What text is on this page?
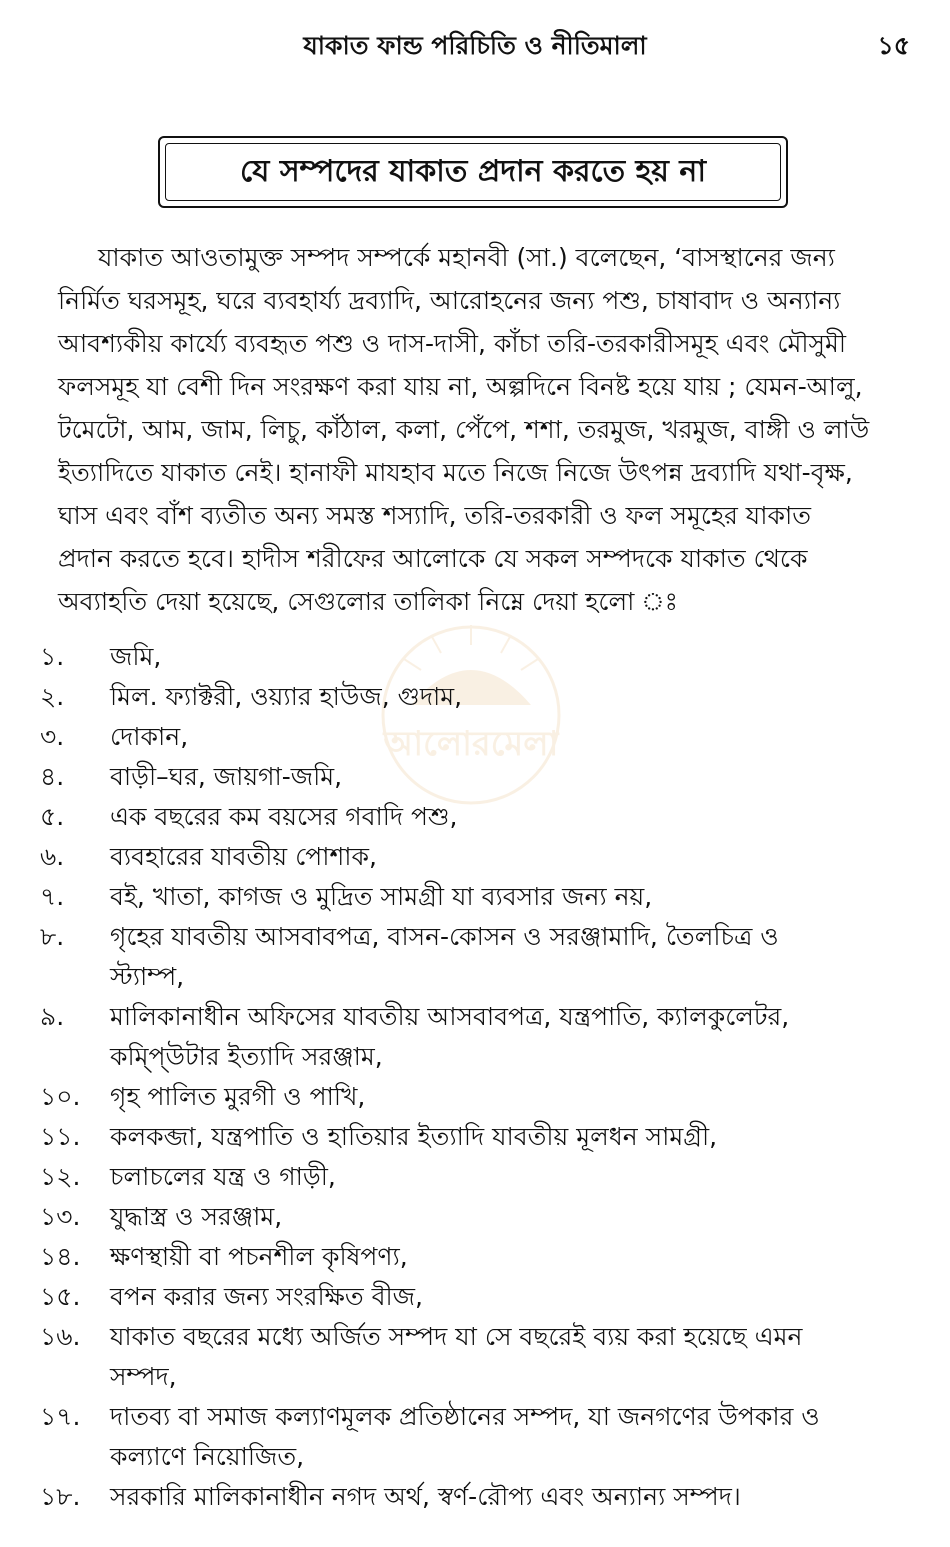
যাকাত ফান্ড পরিচিতি ও নীতিমালা	১৫
যে সম্পদের যাকাত প্রদান করতে হয় না
যাকাত আওতামুক্ত সম্পদ সম্পর্কে মহানবী (সা.) বলেছেন, ‘বাসস্থানের জন্য
নির্মিত ঘরসমূহ, ঘরে ব্যবহার্য্য দ্রব্যাদি, আরোহনের জন্য পশু, চাষাবাদ ও অন্যান্য
আবশ্যকীয় কার্য্যে ব্যবহৃত পশু ও দাস-দাসী, কাঁচা তরি-তরকারীসমূহ এবং মৌসুমী
ফলসমূহ যা বেশী দিন সংরক্ষণ করা যায় না, অল্পদিনে বিনষ্ট হয়ে যায় ; যেমন-আলু,
টমেটো, আম, জাম, লিচু, কাঁঠাল, কলা, পেঁপে, শশা, তরমুজ, খরমুজ, বাঙ্গী ও লাউ
ইত্যাদিতে যাকাত নেই। হানাফী মাযহাব মতে নিজে নিজে উৎপন্ন দ্রব্যাদি যথা-বৃক্ষ,
ঘাস এবং বাঁশ ব্যতীত অন্য সমস্ত শস্যাদি, তরি-তরকারী ও ফল সমূহের যাকাত
প্রদান করতে হবে। হাদীস শরীফের আলোকে যে সকল সম্পদকে যাকাত থেকে
অব্যাহতি দেয়া হয়েছে, সেগুলোর তালিকা নিম্নে দেয়া হলো ঃ
আলোরমেলা
১.	জমি,
২.	মিল. ফ্যাক্টরী, ওয়্যার হাউজ, গুদাম,
৩.	দোকান,
৪.	বাড়ী–ঘর, জায়গা-জমি,
৫.	এক বছরের কম বয়সের গবাদি পশু,
৬.	ব্যবহারের যাবতীয় পোশাক,
৭.	বই, খাতা, কাগজ ও মুদ্রিত সামগ্রী যা ব্যবসার জন্য নয়,
৮.	গৃহের যাবতীয় আসবাবপত্র, বাসন-কোসন ও সরঞ্জামাদি, তৈলচিত্র ও
স্ট্যাম্প,
৯.	মালিকানাধীন অফিসের যাবতীয় আসবাবপত্র, যন্ত্রপাতি, ক্যালকুলেটর,
কম্পি্উটার ইত্যাদি সরঞ্জাম,
১০.	গৃহ পালিত মুরগী ও পাখি,
১১.	কলকব্জা, যন্ত্রপাতি ও হাতিয়ার ইত্যাদি যাবতীয় মূলধন সামগ্রী,
১২.	চলাচলের যন্ত্র ও গাড়ী,
১৩.	যুদ্ধাস্ত্র ও সরঞ্জাম,
১৪.	ক্ষণস্থায়ী বা পচনশীল কৃষিপণ্য,
১৫.	বপন করার জন্য সংরক্ষিত বীজ,
১৬.	যাকাত বছরের মধ্যে অর্জিত সম্পদ যা সে বছরেই ব্যয় করা হয়েছে এমন
সম্পদ,
১৭.	দাতব্য বা সমাজ কল্যাণমূলক প্রতিষ্ঠানের সম্পদ, যা জনগণের উপকার ও
কল্যাণে নিয়োজিত,
১৮.	সরকারি মালিকানাধীন নগদ অর্থ, স্বর্ণ-রৌপ্য এবং অন্যান্য সম্পদ।
